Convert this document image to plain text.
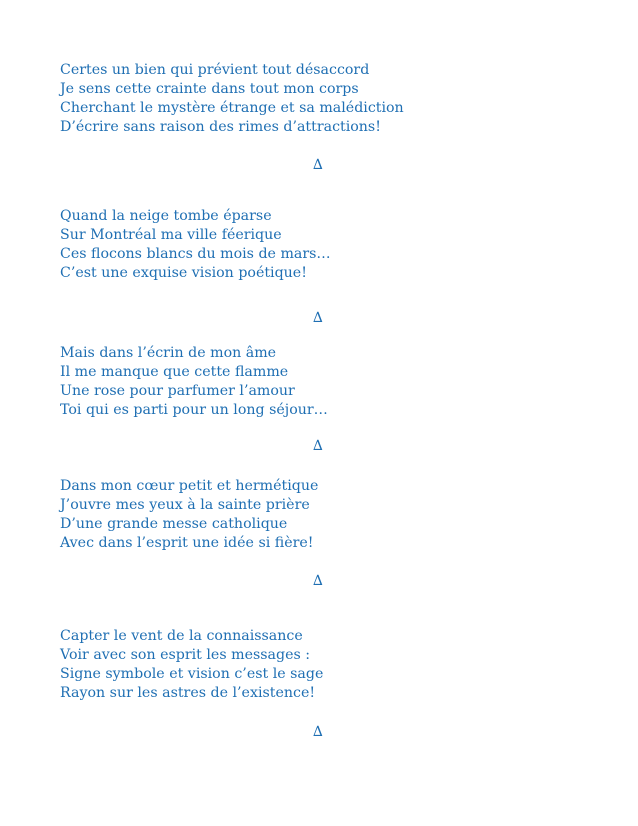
Certes un bien qui prévient tout désaccord
Je sens cette crainte dans tout mon corps
Cherchant le mystère étrange et sa malédiction
D’écrire sans raison des rimes d’attractions!
∆
Quand la neige tombe éparse
Sur Montréal ma ville féerique
Ces flocons blancs du mois de mars…
C’est une exquise vision poétique!
∆
Mais dans l’écrin de mon âme
Il me manque que cette flamme
Une rose pour parfumer l’amour
Toi qui es parti pour un long séjour…
∆
Dans mon cœur petit et hermétique
J’ouvre mes yeux à la sainte prière
D’une grande messe catholique
Avec dans l’esprit une idée si fière!
∆
Capter le vent de la connaissance
Voir avec son esprit les messages :
Signe symbole et vision c’est le sage
Rayon sur les astres de l’existence!
∆
